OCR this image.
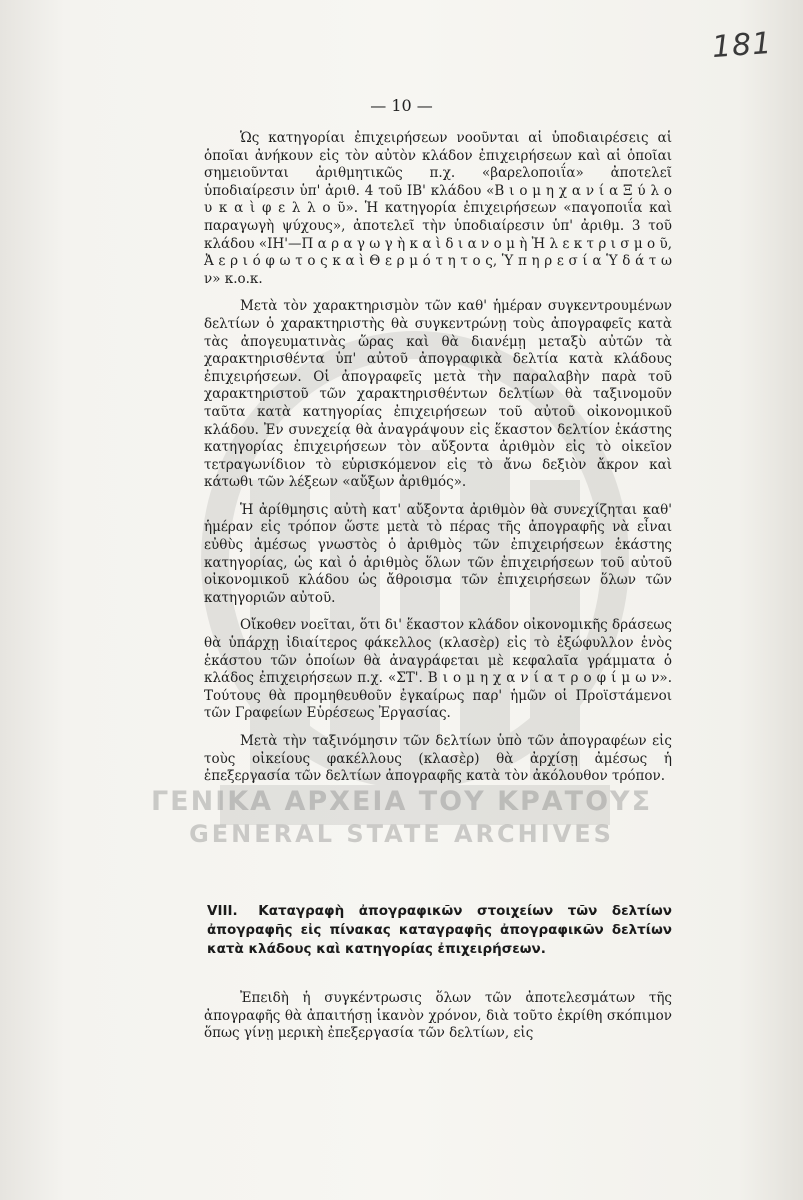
181
— 10 —

Ὡς κατηγορίαι ἐπιχειρήσεων νοοῦνται αἱ ὑποδιαιρέσεις αἱ ὁποῖαι ἀνήκουν εἰς τὸν αὐτὸν κλάδον ἐπιχειρήσεων καὶ αἱ ὁποῖαι σημειοῦνται ἀριθμητικῶς π.χ. «βαρελοποιΐα» ἀποτελεῖ ὑποδιαίρεσιν ὑπ' ἀριθ. 4 τοῦ ΙΒ' κλάδου «Β ι ο μ η χ α ν ί α Ξ ύ λ ο υ κ α ὶ φ ε λ λ ο ῦ». Ἡ κατηγορία ἐπιχειρήσεων «παγοποιΐα καὶ παραγωγὴ ψύχους», ἀποτελεῖ τὴν ὑποδιαίρεσιν ὑπ' ἀριθμ. 3 τοῦ κλάδου «ΙΗ'—Π α ρ α γ ω γ ὴ κ α ὶ δ ι α ν ο μ ὴ Ἠ λ ε κ τ ρ ι σ μ ο ῦ, Ἀ ε ρ ι ό φ ω τ ο ς κ α ὶ Θ ε ρ μ ό τ η τ ο ς, Ὑ π η ρ ε σ ί α Ὑ δ ά τ ω ν» κ.ο.κ.

Μετὰ τὸν χαρακτηρισμὸν τῶν καθ' ἡμέραν συγκεντρουμένων δελτίων ὁ χαρακτηριστὴς θὰ συγκεντρώνῃ τοὺς ἀπογραφεῖς κατὰ τὰς ἀπογευματινὰς ὥρας καὶ θὰ διανέμῃ μεταξὺ αὐτῶν τὰ χαρακτηρισθέντα ὑπ' αὐτοῦ ἀπογραφικὰ δελτία κατὰ κλάδους ἐπιχειρήσεων. Οἱ ἀπογραφεῖς μετὰ τὴν παραλαβὴν παρὰ τοῦ χαρακτηριστοῦ τῶν χαρακτηρισθέντων δελτίων θὰ ταξινομοῦν ταῦτα κατὰ κατηγορίας ἐπιχειρήσεων τοῦ αὐτοῦ οἰκονομικοῦ κλάδου. Ἐν συνεχείᾳ θὰ ἀναγράψουν εἰς ἕκαστον δελτίον ἑκάστης κατηγορίας ἐπιχειρήσεων τὸν αὔξοντα ἀριθμὸν εἰς τὸ οἰκεῖον τετραγωνίδιον τὸ εὑρισκόμενον εἰς τὸ ἄνω δεξιὸν ἄκρον καὶ κάτωθι τῶν λέξεων «αὔξων ἀριθμός».

Ἡ ἀρίθμησις αὐτὴ κατ' αὔξοντα ἀριθμὸν θὰ συνεχίζηται καθ' ἡμέραν εἰς τρόπον ὥστε μετὰ τὸ πέρας τῆς ἀπογραφῆς νὰ εἶναι εὐθὺς ἀμέσως γνωστὸς ὁ ἀριθμὸς τῶν ἐπιχειρήσεων ἑκάστης κατηγορίας, ὡς καὶ ὁ ἀριθμὸς ὅλων τῶν ἐπιχειρήσεων τοῦ αὐτοῦ οἰκονομικοῦ κλάδου ὡς ἄθροισμα τῶν ἐπιχειρήσεων ὅλων τῶν κατηγοριῶν αὐτοῦ.

Οἴκοθεν νοεῖται, ὅτι δι' ἕκαστον κλάδον οἰκονομικῆς δράσεως θὰ ὑπάρχῃ ἰδιαίτερος φάκελλος (κλασὲρ) εἰς τὸ ἐξώφυλλον ἑνὸς ἑκάστου τῶν ὁποίων θὰ ἀναγράφεται μὲ κεφαλαῖα γράμματα ὁ κλάδος ἐπιχειρήσεων π.χ. «ΣΤ'. Β ι ο μ η χ α ν ί α τ ρ ο φ ί μ ω ν». Τούτους θὰ προμηθευθοῦν ἐγκαίρως παρ' ἡμῶν οἱ Προϊστάμενοι τῶν Γραφείων Εὑρέσεως Ἐργασίας.

Μετὰ τὴν ταξινόμησιν τῶν δελτίων ὑπὸ τῶν ἀπογραφέων εἰς τοὺς οἰκείους φακέλλους (κλασὲρ) θὰ ἀρχίσῃ ἀμέσως ἡ ἐπεξεργασία τῶν δελτίων ἀπογραφῆς κατὰ τὸν ἀκόλουθον τρόπον.

VIII. Καταγραφὴ ἀπογραφικῶν στοιχείων τῶν δελτίων ἀπογραφῆς εἰς πίνακας καταγραφῆς ἀπογραφικῶν δελτίων κατὰ κλάδους καὶ κατηγορίας ἐπιχειρήσεων.

Ἐπειδὴ ἡ συγκέντρωσις ὅλων τῶν ἀποτελεσμάτων τῆς ἀπογραφῆς θὰ ἀπαιτήσῃ ἱκανὸν χρόνον, διὰ τοῦτο ἐκρίθη σκόπιμον ὅπως γίνῃ μερικὴ ἐπεξεργασία τῶν δελτίων, εἰς

ΓΕΝΙΚΑ ΑΡΧΕΙΑ ΤΟΥ ΚΡΑΤΟΥΣ
GENERAL STATE ARCHIVES
